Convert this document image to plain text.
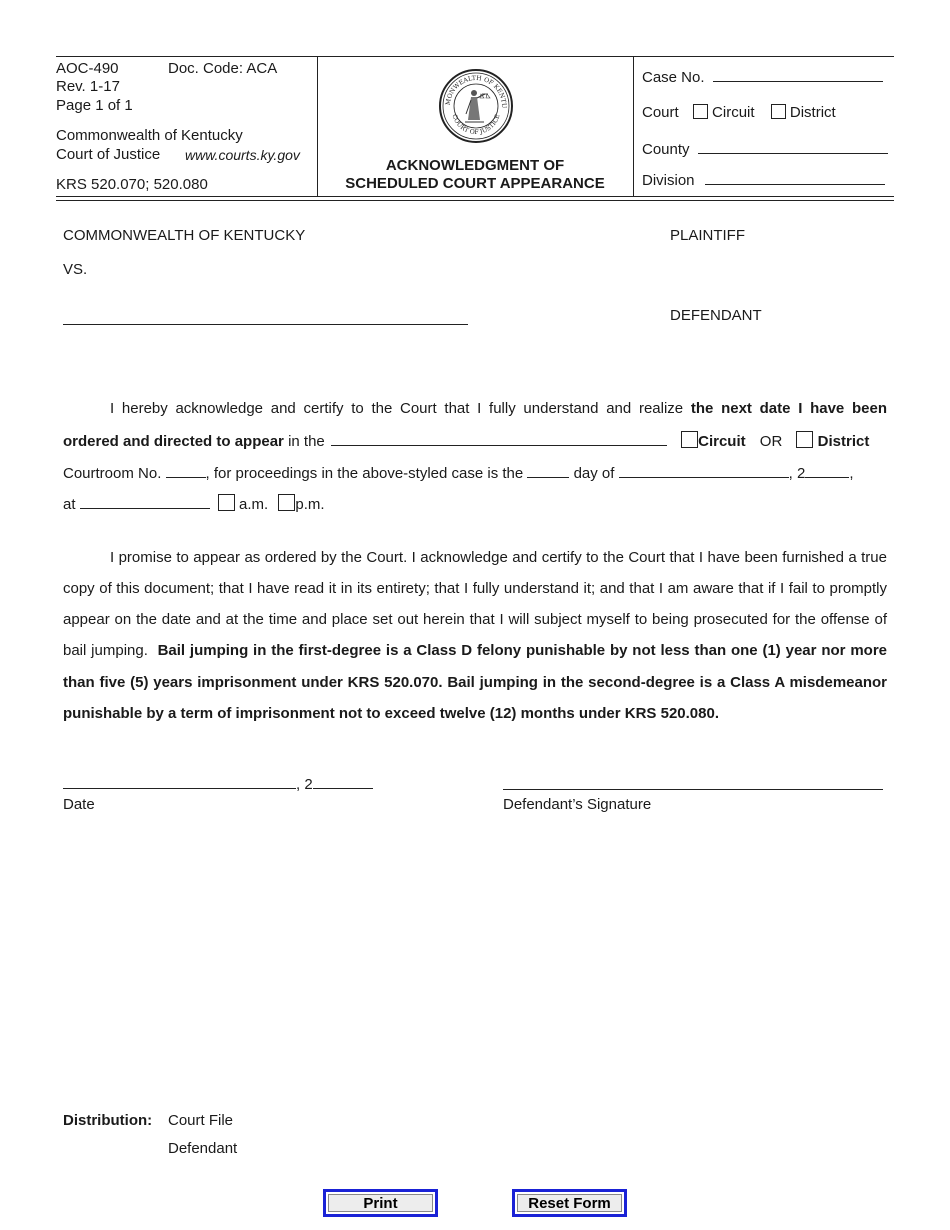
AOC-490	Doc. Code: ACA
Rev. 1-17
Page 1 of 1
Commonwealth of Kentucky
Court of Justice www.courts.ky.gov
KRS 520.070; 520.080
MONWEALTH OF KENTU
COURT OF JUSTICE
ACKNOWLEDGMENT OF
SCHEDULED COURT APPEARANCE
Case No.
Court Circuit District
County
Division
COMMONWEALTH OF KENTUCKY	PLAINTIFF
VS.
DEFENDANT
I hereby acknowledge and certify to the Court that I fully understand and realize the next date I have been
ordered and directed to appear in the	Circuit OR District
Courtroom No.	, for proceedings in the above-styled case is the	day of	, 2	,
at	a.m. p.m.
I promise to appear as ordered by the Court. I acknowledge and certify to the Court that I have been furnished a true
copy of this document; that I have read it in its entirety; that I fully understand it; and that I am aware that if I fail to promptly
appear on the date and at the time and place set out herein that I will subject myself to being prosecuted for the offense of
bail jumping. Bail jumping in the first-degree is a Class D felony punishable by not less than one (1) year nor more
than five (5) years imprisonment under KRS 520.070. Bail jumping in the second-degree is a Class A misdemeanor
punishable by a term of imprisonment not to exceed twelve (12) months under KRS 520.080.
, 2
Date	Defendant’s Signature
Distribution: Court File
Defendant
Print	Reset Form
